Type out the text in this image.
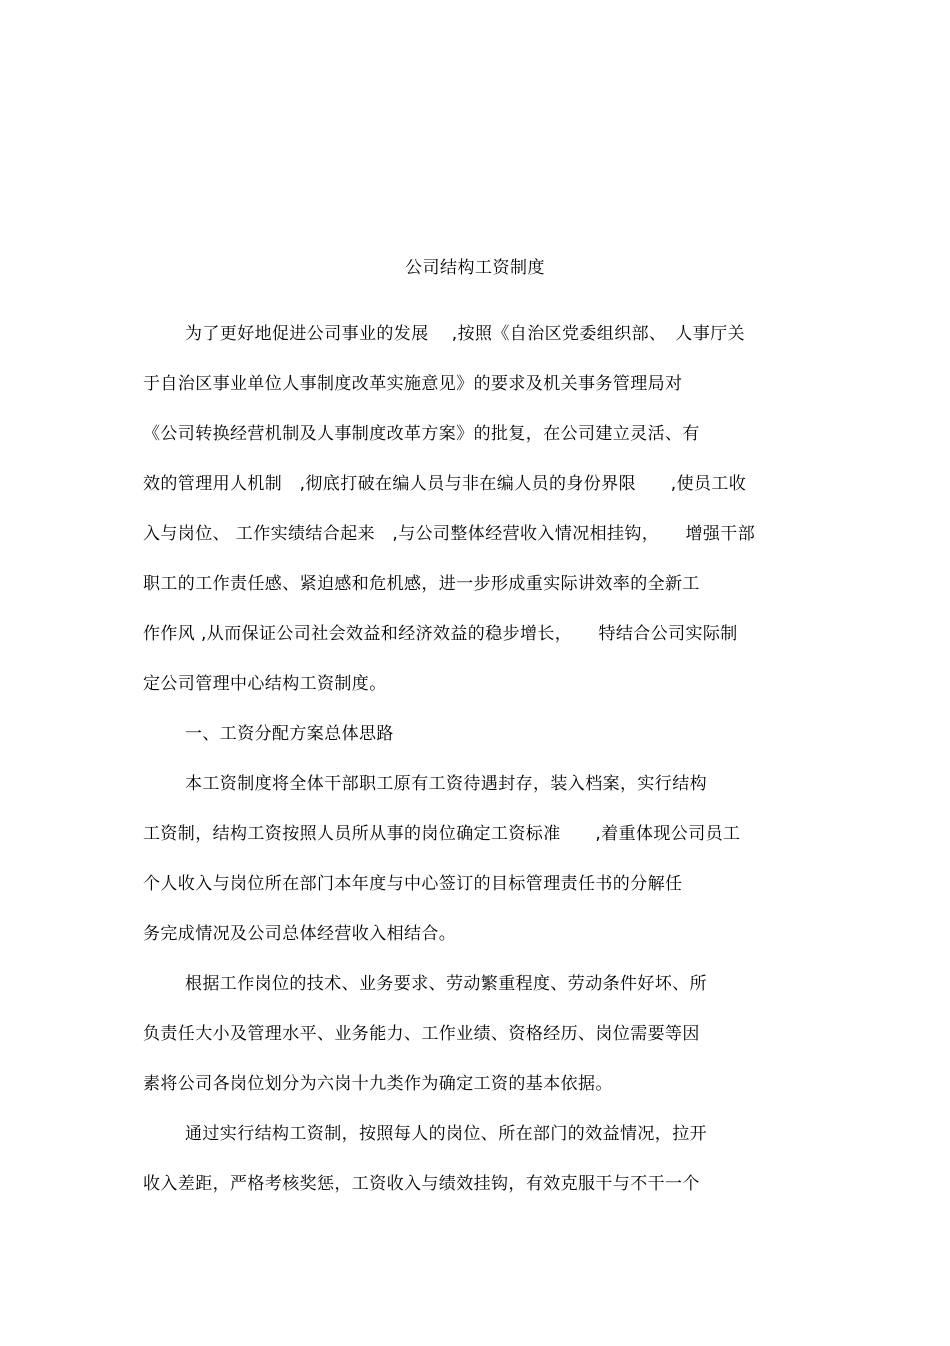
公司结构工资制度
为了更好地促进公司事业的发展　 ,按照《自治区党委组织部、　人事厅关
于自治区事业单位人事制度改革实施意见》的要求及机关事务管理局对
《公司转换经营机制及人事制度改革方案》的批复，在公司建立灵活、有
效的管理用人机制　,彻底打破在编人员与非在编人员的身份界限　　,使员工收
入与岗位、 工作实绩结合起来　,与公司整体经营收入情况相挂钩，　　增强干部
职工的工作责任感、紧迫感和危机感，进一步形成重实际讲效率的全新工
作作风 ,从而保证公司社会效益和经济效益的稳步增长，　　特结合公司实际制
定公司管理中心结构工资制度。
一、工资分配方案总体思路
本工资制度将全体干部职工原有工资待遇封存，装入档案，实行结构
工资制，结构工资按照人员所从事的岗位确定工资标准　　,着重体现公司员工
个人收入与岗位所在部门本年度与中心签订的目标管理责任书的分解任
务完成情况及公司总体经营收入相结合。
根据工作岗位的技术、业务要求、劳动繁重程度、劳动条件好坏、所
负责任大小及管理水平、业务能力、工作业绩、资格经历、岗位需要等因
素将公司各岗位划分为六岗十九类作为确定工资的基本依据。
通过实行结构工资制，按照每人的岗位、所在部门的效益情况，拉开
收入差距，严格考核奖惩，工资收入与绩效挂钩，有效克服干与不干一个
